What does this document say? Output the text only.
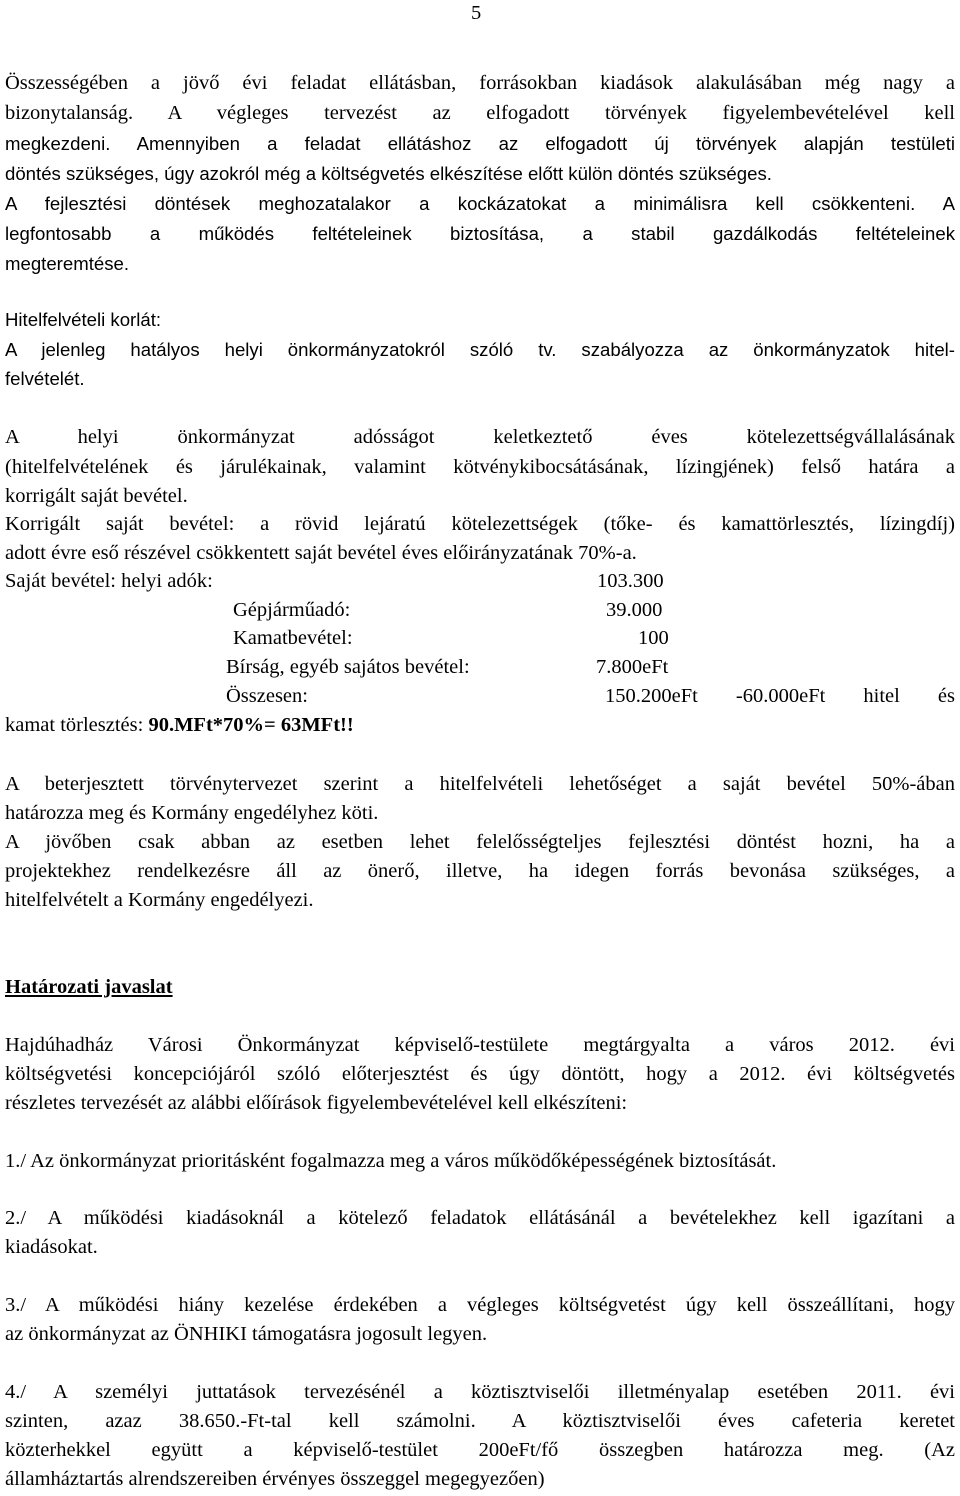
5
Összességében a jövő évi feladat ellátásban, forrásokban kiadások alakulásában még nagy a
bizonytalanság. A végleges tervezést az elfogadott törvények figyelembevételével kell
megkezdeni. Amennyiben a feladat ellátáshoz az elfogadott új törvények alapján testületi
döntés szükséges, úgy azokról még a költségvetés elkészítése előtt külön döntés szükséges.
A fejlesztési döntések meghozatalakor a kockázatokat a minimálisra kell csökkenteni. A
legfontosabb a működés feltételeinek biztosítása, a stabil gazdálkodás feltételeinek
megteremtése.
Hitelfelvételi korlát:
A jelenleg hatályos helyi önkormányzatokról szóló tv. szabályozza az önkormányzatok hitel-
felvételét.
A helyi önkormányzat adósságot keletkeztető éves kötelezettségvállalásának
(hitelfelvételének és járulékainak, valamint kötvénykibocsátásának, lízingjének) felső határa a
korrigált saját bevétel.
Korrigált saját bevétel: a rövid lejáratú kötelezettségek (tőke- és kamattörlesztés, lízingdíj)
adott évre eső részével csökkentett saját bevétel éves előirányzatának 70%-a.
Saját bevétel: helyi adók:	103.300
Gépjárműadó:	39.000
Kamatbevétel:	100
Bírság, egyéb sajátos bevétel:	7.800eFt
Összesen:	150.200eFt -60.000eFt hitel és
kamat törlesztés: 90.MFt*70%= 63MFt!!
A beterjesztett törvénytervezet szerint a hitelfelvételi lehetőséget a saját bevétel 50%-ában
határozza meg és Kormány engedélyhez köti.
A jövőben csak abban az esetben lehet felelősségteljes fejlesztési döntést hozni, ha a
projektekhez rendelkezésre áll az önerő, illetve, ha idegen forrás bevonása szükséges, a
hitelfelvételt a Kormány engedélyezi.
Határozati javaslat
Hajdúhadház Városi Önkormányzat képviselő-testülete megtárgyalta a város 2012. évi
költségvetési koncepciójáról szóló előterjesztést és úgy döntött, hogy a 2012. évi költségvetés
részletes tervezését az alábbi előírások figyelembevételével kell elkészíteni:
1./ Az önkormányzat prioritásként fogalmazza meg a város működőképességének biztosítását.
2./ A működési kiadásoknál a kötelező feladatok ellátásánál a bevételekhez kell igazítani a
kiadásokat.
3./ A működési hiány kezelése érdekében a végleges költségvetést úgy kell összeállítani, hogy
az önkormányzat az ÖNHIKI támogatásra jogosult legyen.
4./ A személyi juttatások tervezésénél a köztisztviselői illetményalap esetében 2011. évi
szinten, azaz 38.650.-Ft-tal kell számolni. A köztisztviselői éves cafeteria keretet
közterhekkel együtt a képviselő-testület 200eFt/fő összegben határozza meg. (Az
államháztartás alrendszereiben érvényes összeggel megegyezően)
